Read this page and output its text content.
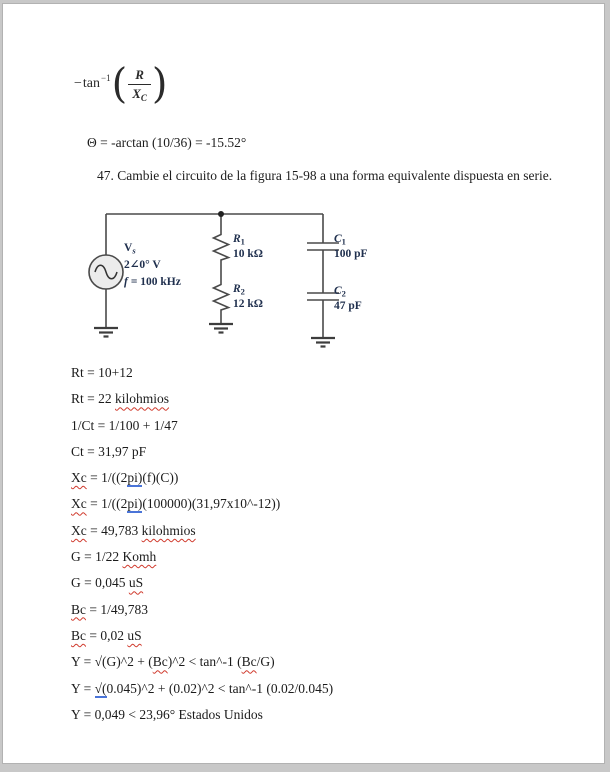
− tan −1 ( $\frac{R}{X_C}$ )
Θ = -arctan (10/36) = -15.52°
47. Cambie el circuito de la figura 15-98 a una forma equivalente dispuesta en serie.
$V_s$
2∠0° V
f = 100 kHz
$R_1$
10 kΩ
$R_2$
12 kΩ
$C_1$
100 pF
$C_2$
47 pF
Rt = 10+12
Rt = 22 kilohmios
1/Ct = 1/100 + 1/47
Ct = 31,97 pF
Xc = 1/((2pi)(f)(C))
Xc = 1/((2pi)(100000)(31,97x10^-12))
Xc = 49,783 kilohmios
G = 1/22 Komh
G = 0,045 uS
Bc = 1/49,783
Bc = 0,02 uS
Y = √(G)^2 + (Bc)^2 < tan^-1 (Bc/G)
Y = √(0.045)^2 + (0.02)^2 < tan^-1 (0.02/0.045)
Y = 0,049 < 23,96° Estados Unidos
